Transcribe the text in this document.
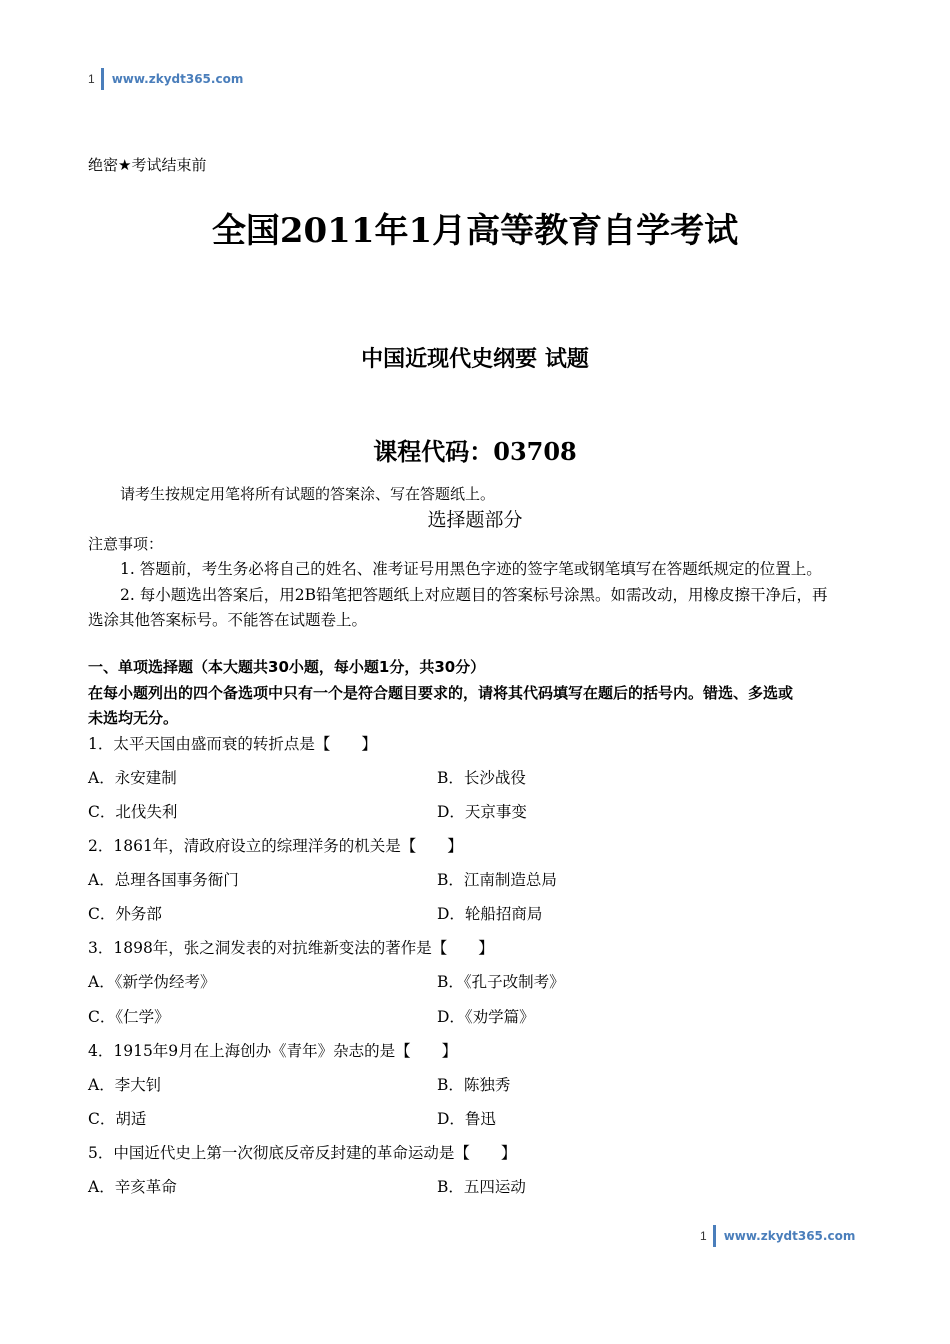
1 www.zkydt365.com
绝密★考试结束前
全国2011年1月高等教育自学考试
中国近现代史纲要 试题
课程代码：03708
请考生按规定用笔将所有试题的答案涂、写在答题纸上。
选择题部分
注意事项：
1. 答题前，考生务必将自己的姓名、准考证号用黑色字迹的签字笔或钢笔填写在答题纸规定的位置上。
2. 每小题选出答案后，用2B铅笔把答题纸上对应题目的答案标号涂黑。如需改动，用橡皮擦干净后，再
选涂其他答案标号。不能答在试题卷上。
一、单项选择题（本大题共30小题，每小题1分，共30分）
在每小题列出的四个备选项中只有一个是符合题目要求的，请将其代码填写在题后的括号内。错选、多选或
未选均无分。
1．太平天国由盛而衰的转折点是【　　】
A．永安建制	B．长沙战役
C．北伐失利	D．天京事变
2．1861年，清政府设立的综理洋务的机关是【　　】
A．总理各国事务衙门	B．江南制造总局
C．外务部	D．轮船招商局
3．1898年，张之洞发表的对抗维新变法的著作是【　　】
A．《新学伪经考》	B．《孔子改制考》
C．《仁学》	D．《劝学篇》
4．1915年9月在上海创办《青年》杂志的是【　　】
A．李大钊	B．陈独秀
C．胡适	D．鲁迅
5．中国近代史上第一次彻底反帝反封建的革命运动是【　　】
A．辛亥革命	B．五四运动
1 www.zkydt365.com
